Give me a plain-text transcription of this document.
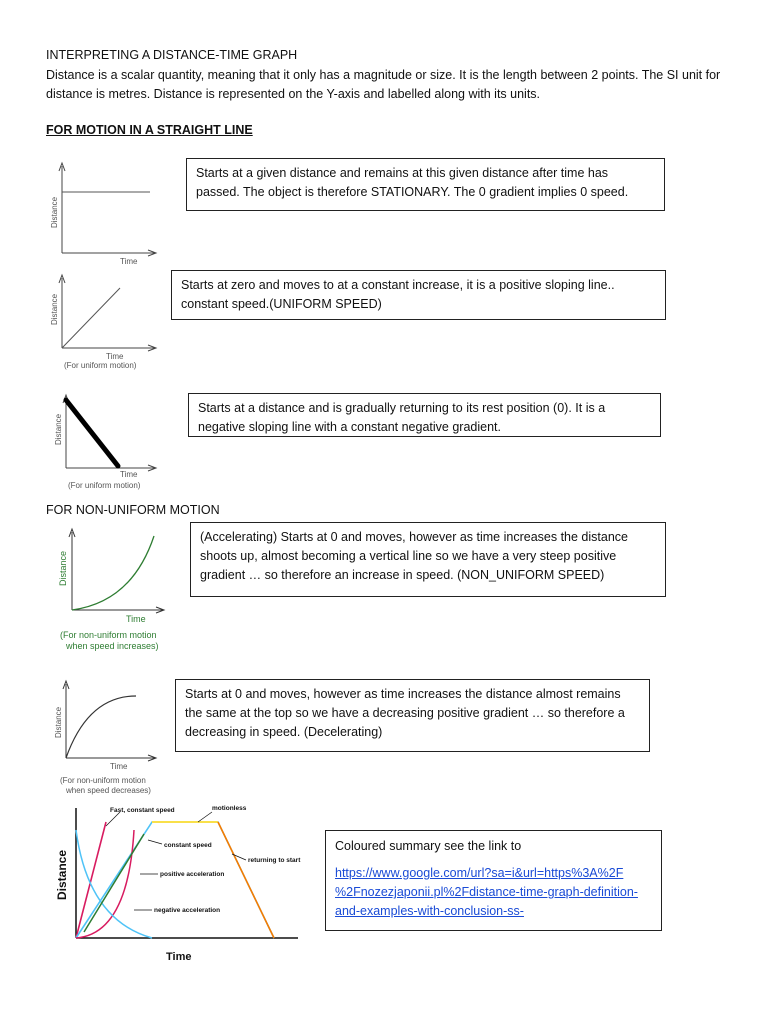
INTERPRETING A DISTANCE-TIME GRAPH
Distance is a scalar quantity, meaning that it only has a magnitude or size. It is the length between 2 points. The SI unit for distance is metres. Distance is represented on the Y-axis and labelled along with its units.
FOR MOTION IN A STRAIGHT LINE
Distance
Time
Starts at a given distance and remains at this given distance after time has passed. The object is therefore STATIONARY. The 0 gradient implies 0 speed.
Distance
Time
(For uniform motion)
Starts at zero and moves to at a constant increase, it is a positive sloping line.. constant speed.(UNIFORM SPEED)
Distance
Time
(For uniform motion)
Starts at a distance and is gradually returning to its rest position (0). It is a negative sloping line with a constant negative gradient.
FOR NON-UNIFORM MOTION
Distance
Time
(For non-uniform motion
when speed increases)
(Accelerating) Starts at 0 and moves, however as time increases the distance shoots up, almost becoming a vertical line so we have a very steep positive gradient … so therefore an increase in speed. (NON_UNIFORM SPEED)
Distance
Time
(For non-uniform motion
when speed decreases)
Starts at 0 and moves, however as time increases the distance almost remains the same at the top so we have a decreasing positive gradient … so therefore a decreasing in speed. (Decelerating)
Fast, constant speed	motionless
constant speed
returning to start
positive acceleration
negative acceleration
Distance
Time
Coloured summary see the link to
https://www.google.com/url?sa=i&url=https%3A%2F
%2Fnozezjaponii.pl%2Fdistance-time-graph-definition-
and-examples-with-conclusion-ss-
